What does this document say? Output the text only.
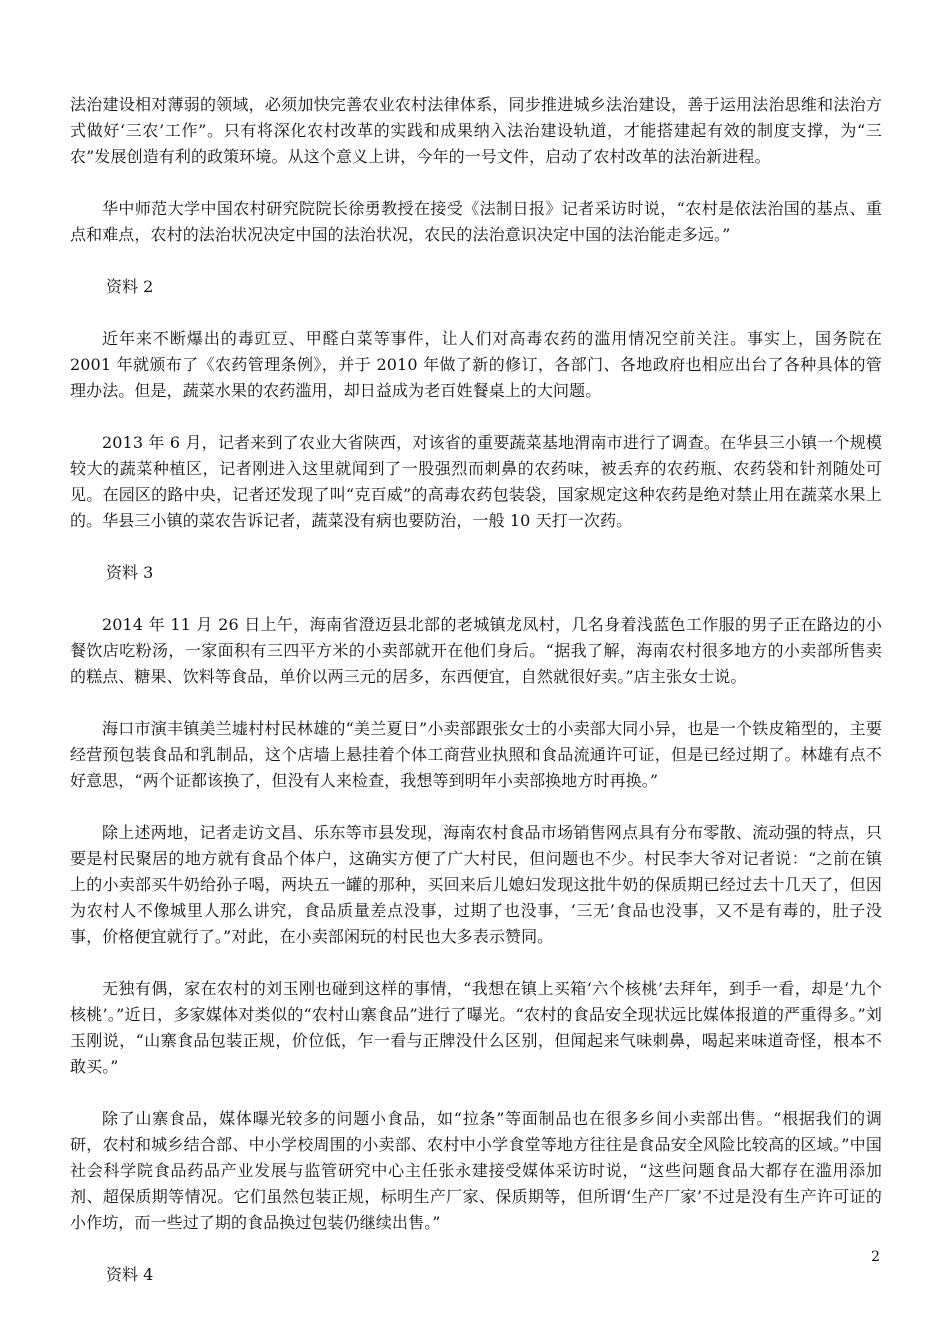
法治建设相对薄弱的领域，必须加快完善农业农村法律体系，同步推进城乡法治建设，善于运用法治思维和法治方式做好‘三农’工作”。只有将深化农村改革的实践和成果纳入法治建设轨道，才能搭建起有效的制度支撑，为“三农”发展创造有利的政策环境。从这个意义上讲，今年的一号文件，启动了农村改革的法治新进程。

华中师范大学中国农村研究院院长徐勇教授在接受《法制日报》记者采访时说，“农村是依法治国的基点、重点和难点，农村的法治状况决定中国的法治状况，农民的法治意识决定中国的法治能走多远。”

资料 2

近年来不断爆出的毒豇豆、甲醛白菜等事件，让人们对高毒农药的滥用情况空前关注。事实上，国务院在 2001 年就颁布了《农药管理条例》，并于 2010 年做了新的修订，各部门、各地政府也相应出台了各种具体的管理办法。但是，蔬菜水果的农药滥用，却日益成为老百姓餐桌上的大问题。

2013 年 6 月，记者来到了农业大省陕西，对该省的重要蔬菜基地渭南市进行了调查。在华县三小镇一个规模较大的蔬菜种植区，记者刚进入这里就闻到了一股强烈而刺鼻的农药味，被丢弃的农药瓶、农药袋和针剂随处可见。在园区的路中央，记者还发现了叫“克百威”的高毒农药包装袋，国家规定这种农药是绝对禁止用在蔬菜水果上的。华县三小镇的菜农告诉记者，蔬菜没有病也要防治，一般 10 天打一次药。

资料 3

2014 年 11 月 26 日上午，海南省澄迈县北部的老城镇龙凤村，几名身着浅蓝色工作服的男子正在路边的小餐饮店吃粉汤，一家面积有三四平方米的小卖部就开在他们身后。“据我了解，海南农村很多地方的小卖部所售卖的糕点、糖果、饮料等食品，单价以两三元的居多，东西便宜，自然就很好卖。”店主张女士说。

海口市演丰镇美兰墟村村民林雄的“美兰夏日”小卖部跟张女士的小卖部大同小异，也是一个铁皮箱型的，主要经营预包装食品和乳制品，这个店墙上悬挂着个体工商营业执照和食品流通许可证，但是已经过期了。林雄有点不好意思，“两个证都该换了，但没有人来检查，我想等到明年小卖部换地方时再换。”

除上述两地，记者走访文昌、乐东等市县发现，海南农村食品市场销售网点具有分布零散、流动强的特点，只要是村民聚居的地方就有食品个体户，这确实方便了广大村民，但问题也不少。村民李大爷对记者说：“之前在镇上的小卖部买牛奶给孙子喝，两块五一罐的那种，买回来后儿媳妇发现这批牛奶的保质期已经过去十几天了，但因为农村人不像城里人那么讲究，食品质量差点没事，过期了也没事，‘三无’食品也没事，又不是有毒的，肚子没事，价格便宜就行了。”对此，在小卖部闲玩的村民也大多表示赞同。

无独有偶，家在农村的刘玉刚也碰到这样的事情，“我想在镇上买箱‘六个核桃’去拜年，到手一看，却是‘九个核桃’。”近日，多家媒体对类似的“农村山寨食品”进行了曝光。“农村的食品安全现状远比媒体报道的严重得多。”刘玉刚说，“山寨食品包装正规，价位低，乍一看与正牌没什么区别，但闻起来气味刺鼻，喝起来味道奇怪，根本不敢买。”

除了山寨食品，媒体曝光较多的问题小食品，如“拉条”等面制品也在很多乡间小卖部出售。“根据我们的调研，农村和城乡结合部、中小学校周围的小卖部、农村中小学食堂等地方往往是食品安全风险比较高的区域。”中国社会科学院食品药品产业发展与监管研究中心主任张永建接受媒体采访时说，“这些问题食品大都存在滥用添加剂、超保质期等情况。它们虽然包装正规，标明生产厂家、保质期等，但所谓‘生产厂家’不过是没有生产许可证的小作坊，而一些过了期的食品换过包装仍继续出售。”

资料 4

2
